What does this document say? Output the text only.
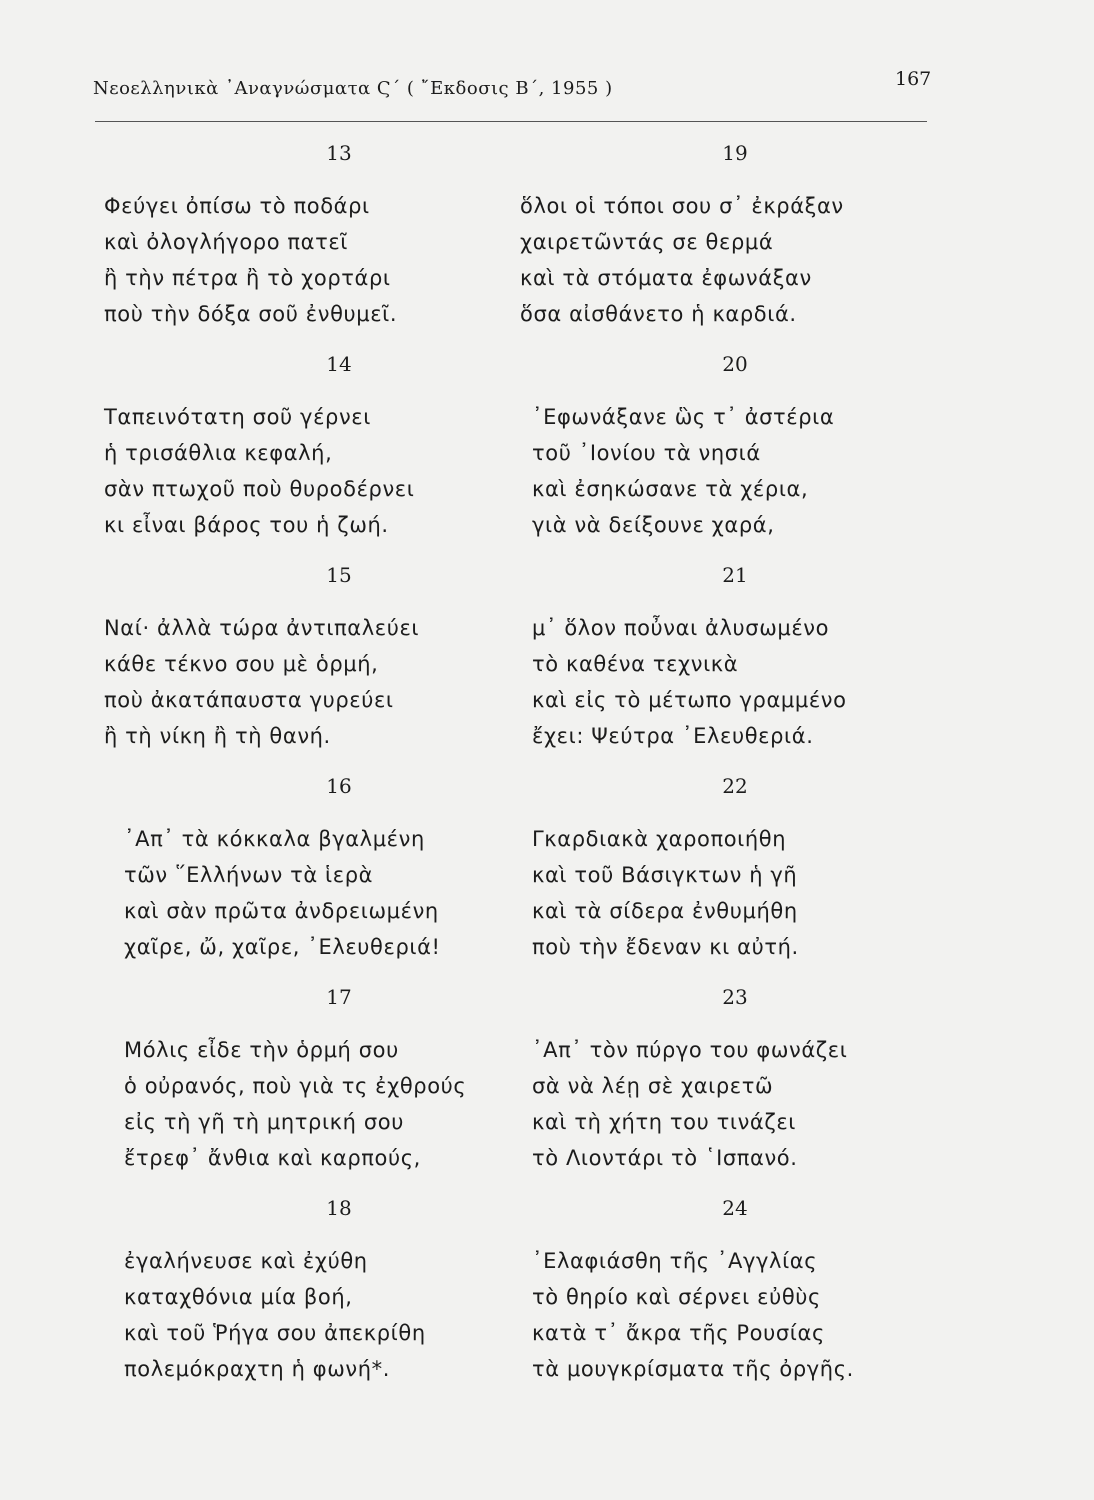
Νεοελληνικὰ ᾿Αναγνώσματα Ϛ΄ ( ῎Εκδοσις Β΄, 1955 )	167
13
Φεύγει ὀπίσω τὸ ποδάρι
καὶ ὀλογλήγορο πατεῖ
ἢ τὴν πέτρα ἢ τὸ χορτάρι
ποὺ τὴν δόξα σοῦ ἐνθυμεῖ.
14
Ταπεινότατη σοῦ γέρνει
ἡ τρισάθλια κεφαλή,
σὰν πτωχοῦ ποὺ θυροδέρνει
κι εἶναι βάρος του ἡ ζωή.
15
Ναί· ἀλλὰ τώρα ἀντιπαλεύει
κάθε τέκνο σου μὲ ὁρμή,
ποὺ ἀκατάπαυστα γυρεύει
ἢ τὴ νίκη ἢ τὴ θανή.
16
᾿Απ᾿ τὰ κόκκαλα βγαλμένη
τῶν ῞Ελλήνων τὰ ἱερὰ
καὶ σὰν πρῶτα ἀνδρειωμένη
χαῖρε, ὤ, χαῖρε, ᾿Ελευθεριά!
17
Μόλις εἶδε τὴν ὁρμή σου
ὁ οὐρανός, ποὺ γιὰ τς ἐχθρούς
εἰς τὴ γῆ τὴ μητρική σου
ἔτρεφ᾿ ἄνθια καὶ καρπούς,
18
ἐγαλήνευσε καὶ ἐχύθη
καταχθόνια μία βοή,
καὶ τοῦ Ῥήγα σου ἀπεκρίθη
πολεμόκραχτη ἡ φωνή*.
19
ὅλοι οἱ τόποι σου σ᾿ ἐκράξαν
χαιρετῶντάς σε θερμά
καὶ τὰ στόματα ἐφωνάξαν
ὅσα αἰσθάνετο ἡ καρδιά.
20
᾿Εφωνάξανε ὣς τ᾿ ἀστέρια
τοῦ ᾿Ιονίου τὰ νησιά
καὶ ἐσηκώσανε τὰ χέρια,
γιὰ νὰ δείξουνε χαρά,
21
μ᾿ ὅλον ποὖναι ἀλυσωμένο
τὸ καθένα τεχνικὰ
καὶ εἰς τὸ μέτωπο γραμμένο
ἔχει: Ψεύτρα ᾿Ελευθεριά.
22
Γκαρδιακὰ χαροποιήθη
καὶ τοῦ Βάσιγκτων ἡ γῆ
καὶ τὰ σίδερα ἐνθυμήθη
ποὺ τὴν ἔδεναν κι αὐτή.
23
᾿Απ᾿ τὸν πύργο του φωνάζει
σὰ νὰ λέῃ σὲ χαιρετῶ
καὶ τὴ χήτη του τινάζει
τὸ Λιοντάρι τὸ ῾Ισπανό.
24
᾿Ελαφιάσθη τῆς ᾿Αγγλίας
τὸ θηρίο καὶ σέρνει εὐθὺς
κατὰ τ᾿ ἄκρα τῆς Ρουσίας
τὰ μουγκρίσματα τῆς ὀργῆς.
